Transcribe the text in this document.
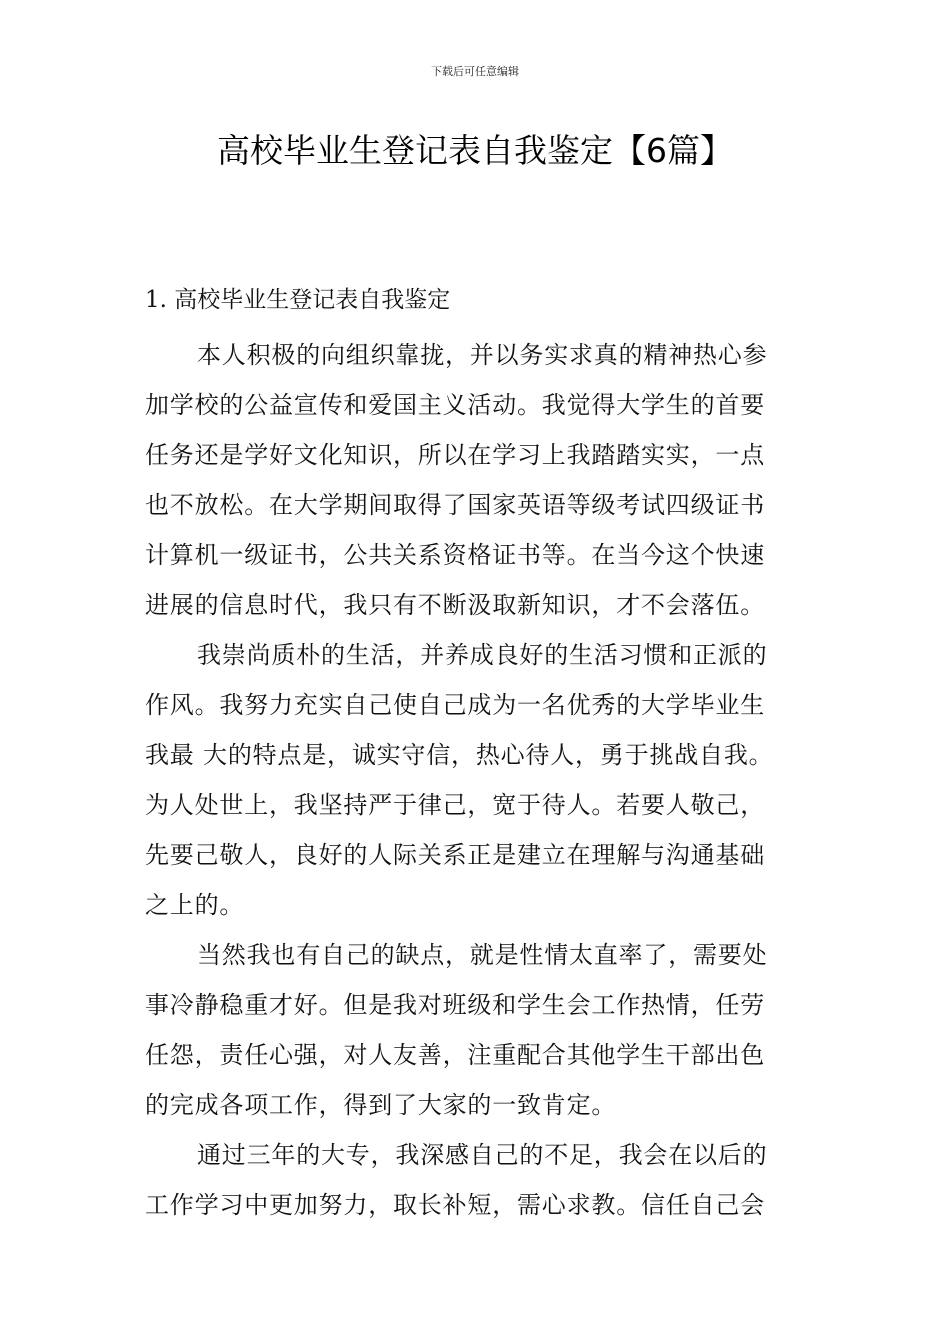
下载后可任意编辑
高校毕业生登记表自我鉴定【6篇】
1. 高校毕业生登记表自我鉴定
本人积极的向组织靠拢，并以务实求真的精神热心参
加学校的公益宣传和爱国主义活动。我觉得大学生的首要
任务还是学好文化知识，所以在学习上我踏踏实实，一点
也不放松。在大学期间取得了国家英语等级考试四级证书
计算机一级证书，公共关系资格证书等。在当今这个快速
进展的信息时代，我只有不断汲取新知识，才不会落伍。
我崇尚质朴的生活，并养成良好的生活习惯和正派的
作风。我努力充实自己使自己成为一名优秀的大学毕业生
我最 大的特点是，诚实守信，热心待人，勇于挑战自我。
为人处世上，我坚持严于律己，宽于待人。若要人敬己，
先要己敬人，良好的人际关系正是建立在理解与沟通基础
之上的。
当然我也有自己的缺点，就是性情太直率了，需要处
事冷静稳重才好。但是我对班级和学生会工作热情，任劳
任怨，责任心强，对人友善，注重配合其他学生干部出色
的完成各项工作，得到了大家的一致肯定。
通过三年的大专，我深感自己的不足，我会在以后的
工作学习中更加努力，取长补短，需心求教。信任自己会
